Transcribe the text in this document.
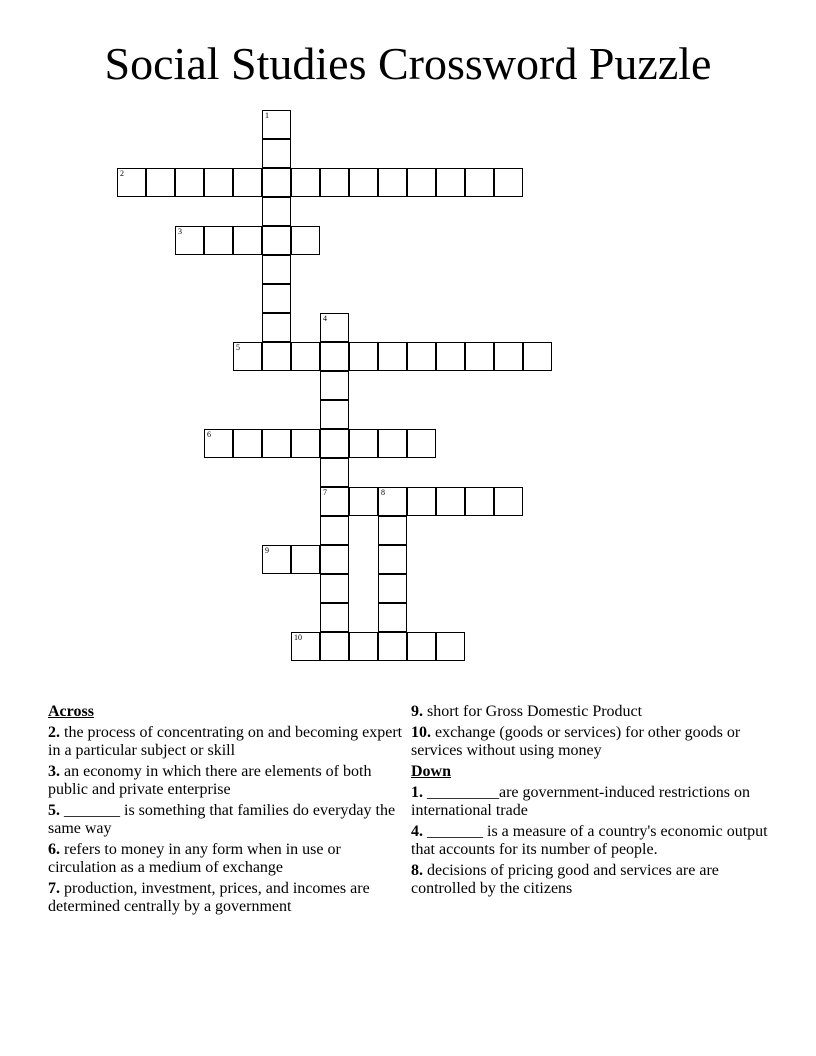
Social Studies Crossword Puzzle
1
2
3
4
7
5
6
8
9
10
Across
2. the process of concentrating on and becoming expert in a particular subject or skill
3. an economy in which there are elements of both public and private enterprise
5. _______ is something that families do everyday the same way
6. refers to money in any form when in use or circulation as a medium of exchange
7. production, investment, prices, and incomes are determined centrally by a government
9. short for Gross Domestic Product
10. exchange (goods or services) for other goods or services without using money
Down
1. _________are government-induced restrictions on international trade
4. _______ is a measure of a country's economic output that accounts for its number of people.
8. decisions of pricing good and services are are controlled by the citizens
